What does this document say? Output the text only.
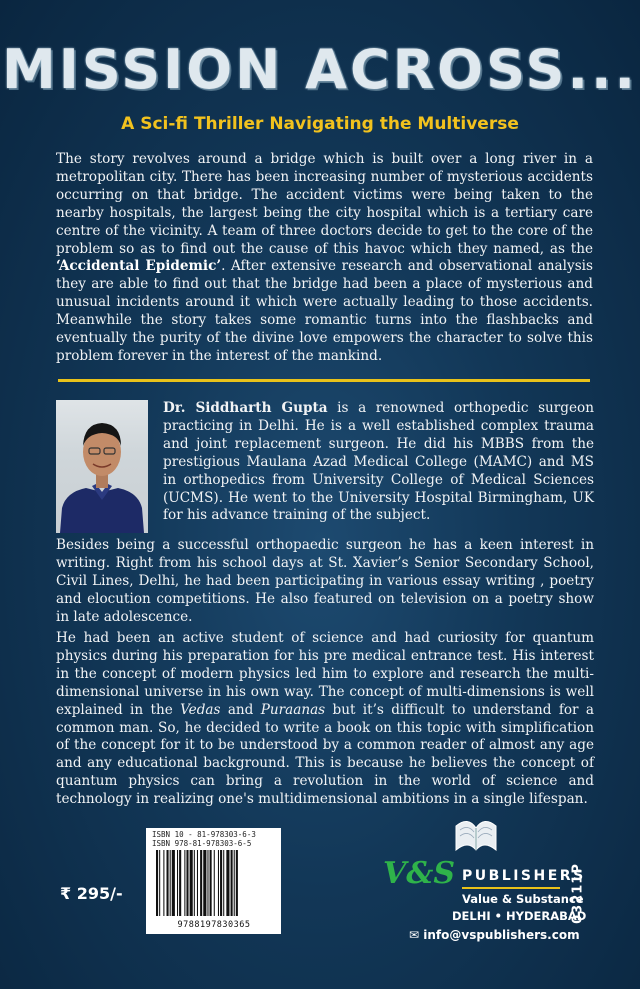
MISSION ACROSS...
A Sci-fi Thriller Navigating the Multiverse

The story revolves around a bridge which is built over a long river in a metropolitan city. There has been increasing number of mysterious accidents occurring on that bridge. The accident victims were being taken to the nearby hospitals, the largest being the city hospital which is a tertiary care centre of the vicinity. A team of three doctors decide to get to the core of the problem so as to find out the cause of this havoc which they named, as the ‘Accidental Epidemic’. After extensive research and observational analysis they are able to find out that the bridge had been a place of mysterious and unusual incidents around it which were actually leading to those accidents. Meanwhile the story takes some romantic turns into the flashbacks and eventually the purity of the divine love empowers the character to solve this problem forever in the interest of the mankind.

Dr. Siddharth Gupta is a renowned orthopedic surgeon practicing in Delhi. He is a well established complex trauma and joint replacement surgeon. He did his MBBS from the prestigious Maulana Azad Medical College (MAMC) and MS in orthopedics from University College of Medical Sciences (UCMS). He went to the University Hospital Birmingham, UK for his advance training of the subject.

Besides being a successful orthopaedic surgeon he has a keen interest in writing. Right from his school days at St. Xavier’s Senior Secondary School, Civil Lines, Delhi, he had been participating in various essay writing , poetry and elocution competitions. He also featured on television on a poetry show in late adolescence.

He had been an active student of science and had curiosity for quantum physics during his preparation for his pre medical entrance test. His interest in the concept of modern physics led him to explore and research the multi-dimensional universe in his own way. The concept of multi-dimensions is well explained in the Vedas and Puraanas but it’s difficult to understand for a common man. So, he decided to write a book on this topic with simplification of the concept for it to be understood by a common reader of almost any age and any educational background. This is because he believes the concept of quantum physics can bring a revolution in the world of science and technology in realizing one's multidimensional ambitions in a single lifespan.

₹ 295/-
ISBN 10 - 81-978303-6-3
ISBN 978-81-978303-6-5
9788197830365
V&S PUBLISHERS
Value & Substance
DELHI • HYDERABAD
✉ info@vspublishers.com
03211P
